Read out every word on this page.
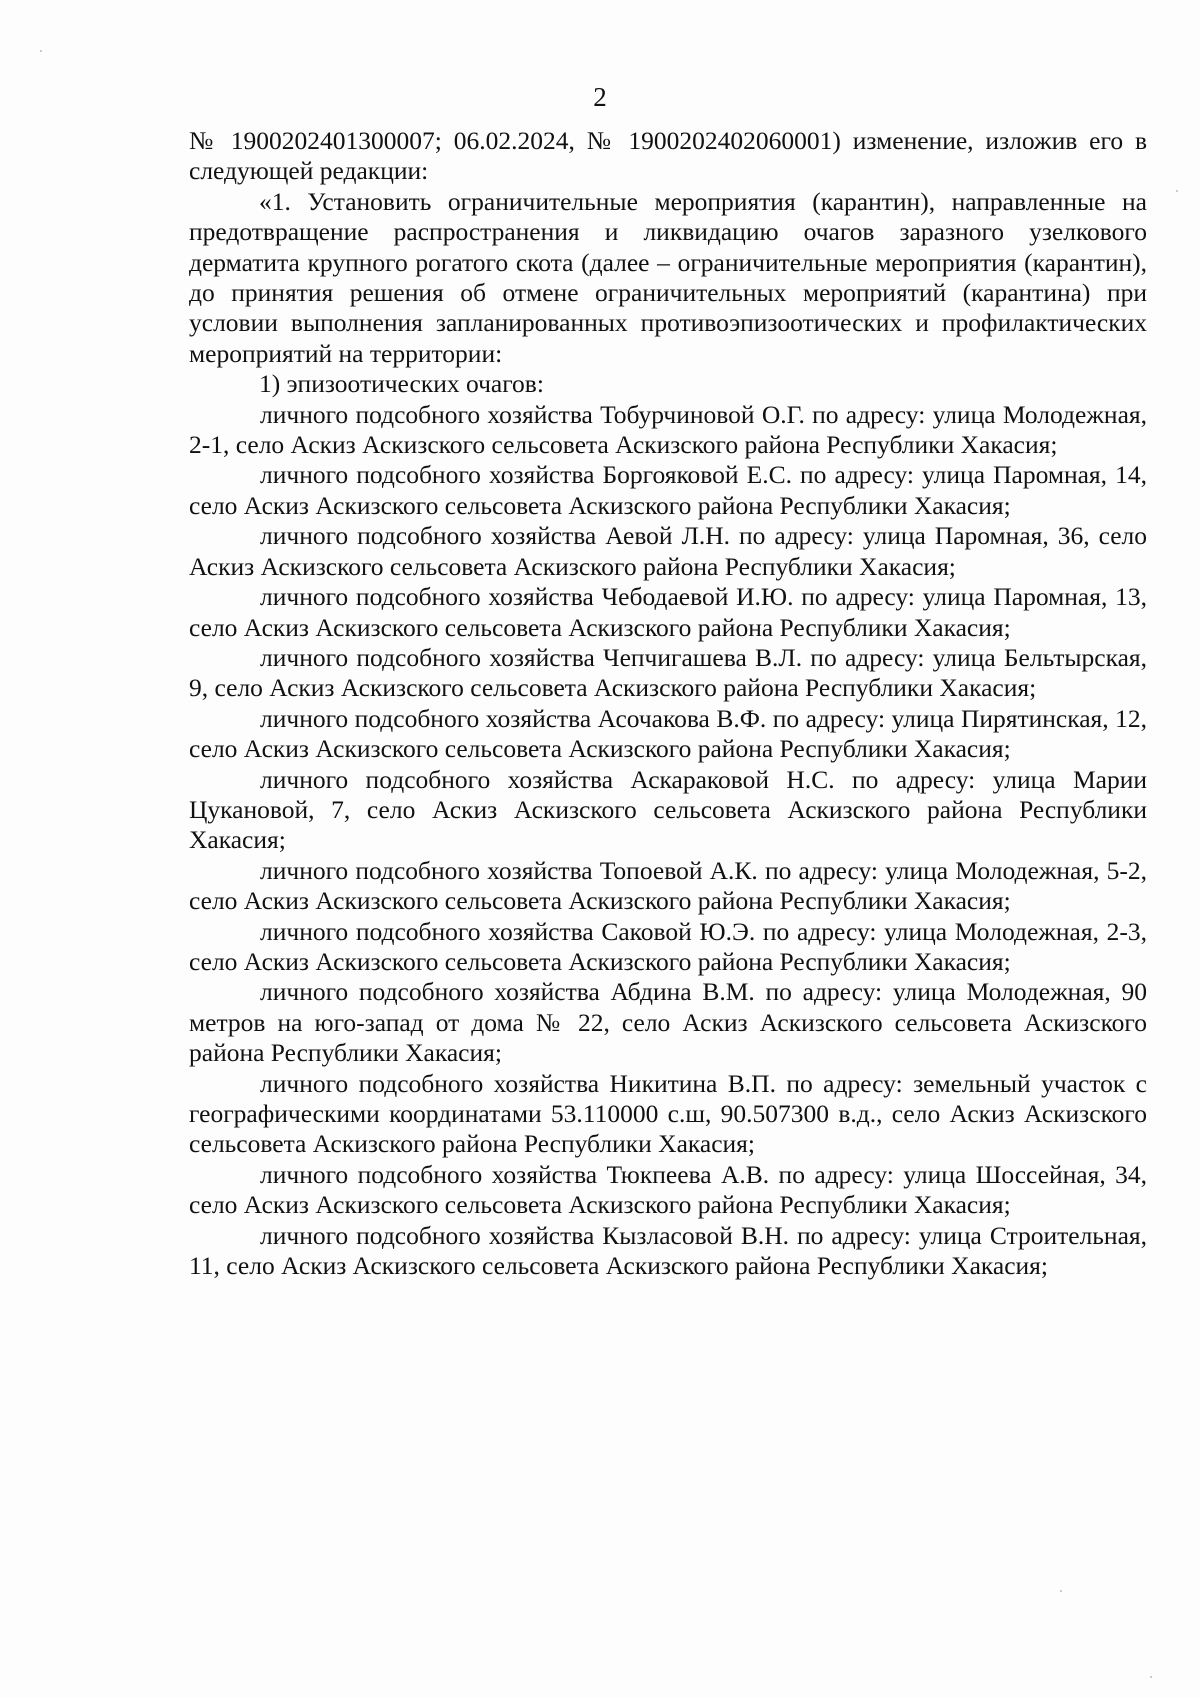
2

№ 1900202401300007; 06.02.2024, № 1900202402060001) изменение, изложив его в следующей редакции:

«1. Установить ограничительные мероприятия (карантин), направленные на предотвращение распространения и ликвидацию очагов заразного узелкового дерматита крупного рогатого скота (далее – ограничительные мероприятия (карантин), до принятия решения об отмене ограничительных мероприятий (карантина) при условии выполнения запланированных противоэпизоотических и профилактических мероприятий на территории:

1) эпизоотических очагов:

личного подсобного хозяйства Тобурчиновой О.Г. по адресу: улица Молодежная, 2-1, село Аскиз Аскизского сельсовета Аскизского района Республики Хакасия;

личного подсобного хозяйства Боргояковой Е.С. по адресу: улица Паромная, 14, село Аскиз Аскизского сельсовета Аскизского района Республики Хакасия;

личного подсобного хозяйства Аевой Л.Н. по адресу: улица Паромная, 36, село Аскиз Аскизского сельсовета Аскизского района Республики Хакасия;

личного подсобного хозяйства Чебодаевой И.Ю. по адресу: улица Паромная, 13, село Аскиз Аскизского сельсовета Аскизского района Республики Хакасия;

личного подсобного хозяйства Чепчигашева В.Л. по адресу: улица Бельтырская, 9, село Аскиз Аскизского сельсовета Аскизского района Республики Хакасия;

личного подсобного хозяйства Асочакова В.Ф. по адресу: улица Пирятинская, 12, село Аскиз Аскизского сельсовета Аскизского района Республики Хакасия;

личного подсобного хозяйства Аскараковой Н.С. по адресу: улица Марии Цукановой, 7, село Аскиз Аскизского сельсовета Аскизского района Республики Хакасия;

личного подсобного хозяйства Топоевой А.К. по адресу: улица Молодежная, 5-2, село Аскиз Аскизского сельсовета Аскизского района Республики Хакасия;

личного подсобного хозяйства Саковой Ю.Э. по адресу: улица Молодежная, 2-3, село Аскиз Аскизского сельсовета Аскизского района Республики Хакасия;

личного подсобного хозяйства Абдина В.М. по адресу: улица Молодежная, 90 метров на юго-запад от дома № 22, село Аскиз Аскизского сельсовета Аскизского района Республики Хакасия;

личного подсобного хозяйства Никитина В.П. по адресу: земельный участок с географическими координатами 53.110000 с.ш, 90.507300 в.д., село Аскиз Аскизского сельсовета Аскизского района Республики Хакасия;

личного подсобного хозяйства Тюкпеева А.В. по адресу: улица Шоссейная, 34, село Аскиз Аскизского сельсовета Аскизского района Республики Хакасия;

личного подсобного хозяйства Кызласовой В.Н. по адресу: улица Строительная, 11, село Аскиз Аскизского сельсовета Аскизского района Республики Хакасия;
